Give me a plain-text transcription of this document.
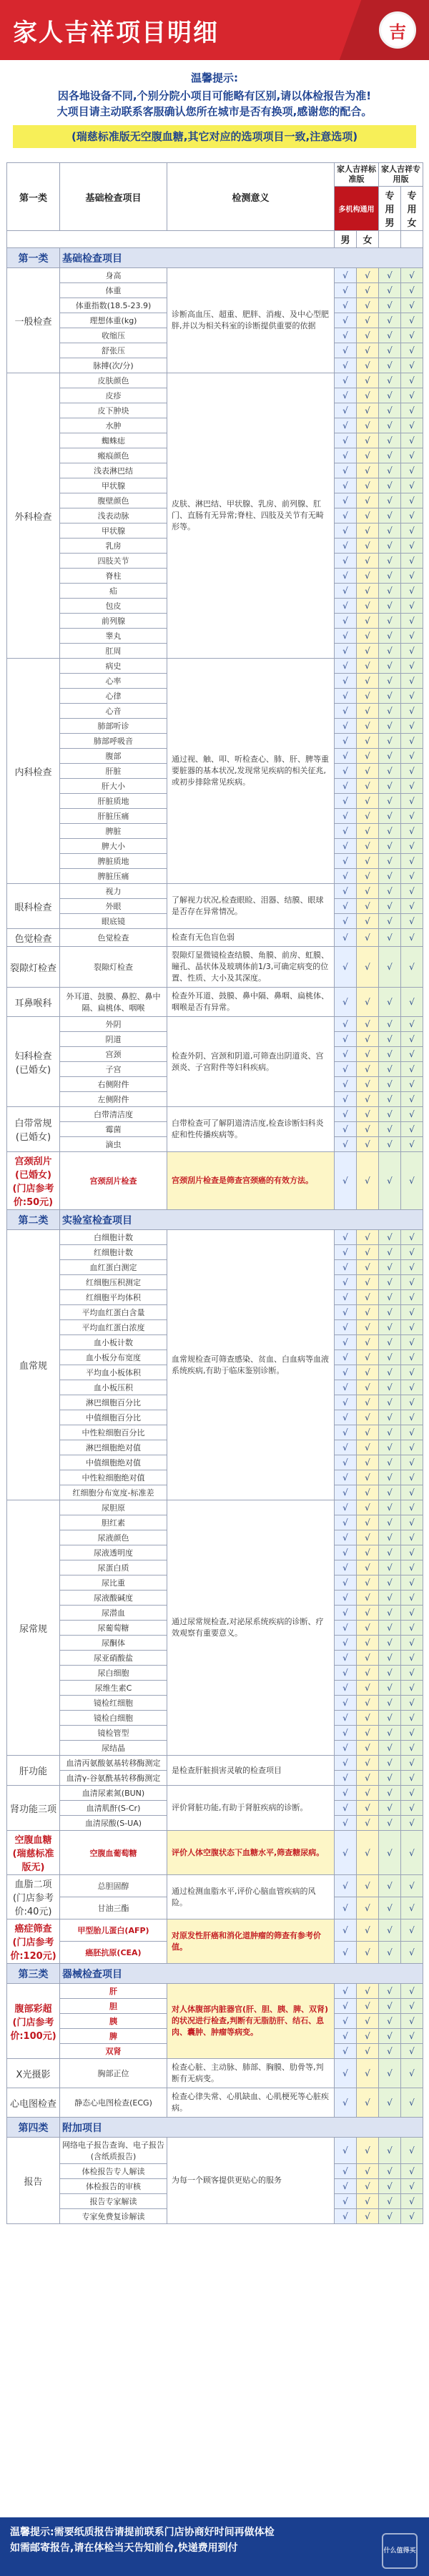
家人吉祥项目明细	吉
温馨提示:
因各地设备不同,个别分院小项目可能略有区别,请以体检报告为准!
大项目请主动联系客服确认您所在城市是否有换项,感谢您的配合。
(瑞慈标准版无空腹血糖,其它对应的选项项目一致,注意选项)
第一类	基础检查项目	检测意义	家人吉祥标准版		家人吉祥专用版	
			多机构通用		专用男	专用女
			男	女		
第一类	基础检查项目					
一般检查	身高	诊断高血压、超重、肥胖、消瘦、及中心型肥胖,并以为相关科室的诊断提供重要的依据	√	√	√	√
	体重		√	√	√	√
	体重指数(18.5-23.9)		√	√	√	√
	理想体重(kg)		√	√	√	√
	收缩压		√	√	√	√
	舒张压		√	√	√	√
	脉搏(次/分)		√	√	√	√
外科检查	皮肤颜色	皮肤、淋巴结、甲状腺、乳房、前列腺、肛门、直肠有无异常;脊柱、四肢及关节有无畸形等。	√	√	√	√
	皮疹		√	√	√	√
	皮下肿块		√	√	√	√
	水肿		√	√	√	√
	蜘蛛痣		√	√	√	√
	瘢痕颜色		√	√	√	√
	浅表淋巴结		√	√	√	√
	甲状腺		√	√	√	√
	腹壁颜色		√	√	√	√
	浅表动脉		√	√	√	√
	甲状腺		√	√	√	√
	乳房		√	√	√	√
	四肢关节		√	√	√	√
	脊柱		√	√	√	√
	疝		√	√	√	√
	包皮		√	√	√	√
	前列腺		√	√	√	√
	睾丸		√	√	√	√
	肛周		√	√	√	√
内科检查	病史	通过视、触、叩、听检查心、肺、肝、脾等重要脏器的基本状况,发现常见疾病的相关征兆,或初步排除常见疾病。	√	√	√	√
	心率		√	√	√	√
	心律		√	√	√	√
	心音		√	√	√	√
	肺部听诊		√	√	√	√
	肺部呼吸音		√	√	√	√
	腹部		√	√	√	√
	肝脏		√	√	√	√
	肝大小		√	√	√	√
	肝脏质地		√	√	√	√
	肝脏压痛		√	√	√	√
	脾脏		√	√	√	√
	脾大小		√	√	√	√
	脾脏质地		√	√	√	√
	脾脏压痛		√	√	√	√
眼科检查	视力	了解视力状况,检查眼睑、泪器、结膜、眼球是否存在异常情况。	√	√	√	√
	外眼		√	√	√	√
	眼底镜		√	√	√	√
色觉检查	色觉检查	检查有无色盲色弱	√	√	√	√
裂隙灯检查	裂隙灯检查	裂隙灯显微镜检查结膜、角膜、前房、虹膜、瞳孔、晶状体及玻璃体前1/3,可确定病变的位置、性质、大小及其深度。	√	√	√	√
耳鼻喉科	外耳道、鼓膜、鼻腔、鼻中隔、扁桃体、咽喉	检查外耳道、鼓膜、鼻中隔、鼻咽、扁桃体、咽喉是否有异常。	√	√	√	√
妇科检查(已婚女)	外阴	检查外阴、宫颈和阴道,可筛查出阴道炎、宫颈炎、子宫附件等妇科疾病。	√	√	√	√
	阴道		√	√	√	√
	宫颈		√	√	√	√
	子宫		√	√	√	√
	右侧附件		√	√	√	√
	左侧附件		√	√	√	√
白带常规(已婚女)	白带清洁度	白带检查可了解阴道清洁度,检查诊断妇科炎症和性传播疾病等。	√	√	√	√
	霉菌		√	√	√	√
	滴虫		√	√	√	√
宫颈刮片(已婚女)(门店参考价:50元)	宫颈刮片检查	宫颈刮片检查是筛查宫颈癌的有效方法。	√	√	√	√
第二类	实验室检查项目					
血常规	白细胞计数	血常规检查可筛查感染、贫血、白血病等血液系统疾病,有助于临床鉴别诊断。	√	√	√	√
	红细胞计数		√	√	√	√
	血红蛋白测定		√	√	√	√
	红细胞压积测定		√	√	√	√
	红细胞平均体积		√	√	√	√
	平均血红蛋白含量		√	√	√	√
	平均血红蛋白浓度		√	√	√	√
	血小板计数		√	√	√	√
	血小板分布宽度		√	√	√	√
	平均血小板体积		√	√	√	√
	血小板压积		√	√	√	√
	淋巴细胞百分比		√	√	√	√
	中值细胞百分比		√	√	√	√
	中性粒细胞百分比		√	√	√	√
	淋巴细胞绝对值		√	√	√	√
	中值细胞绝对值		√	√	√	√
	中性粒细胞绝对值		√	√	√	√
	红细胞分布宽度-标准差		√	√	√	√
尿常规	尿胆原	通过尿常规检查,对泌尿系统疾病的诊断、疗效观察有重要意义。	√	√	√	√
	胆红素		√	√	√	√
	尿液颜色		√	√	√	√
	尿液透明度		√	√	√	√
	尿蛋白质		√	√	√	√
	尿比重		√	√	√	√
	尿液酸碱度		√	√	√	√
	尿潜血		√	√	√	√
	尿葡萄糖		√	√	√	√
	尿酮体		√	√	√	√
	尿亚硝酸盐		√	√	√	√
	尿白细胞		√	√	√	√
	尿维生素C		√	√	√	√
	镜检红细胞		√	√	√	√
	镜检白细胞		√	√	√	√
	镜检管型		√	√	√	√
	尿结晶		√	√	√	√
肝功能	血清丙氨酸氨基转移酶测定	是检查肝脏损害灵敏的检查项目	√	√	√	√
	血清γ-谷氨酰基转移酶测定		√	√	√	√
肾功能三项	血清尿素氮(BUN)	评价肾脏功能,有助于肾脏疾病的诊断。	√	√	√	√
	血清肌酐(S-Cr)		√	√	√	√
	血清尿酸(S-UA)		√	√	√	√
空腹血糖(瑞慈标准版无)	空腹血葡萄糖	评价人体空腹状态下血糖水平,筛查糖尿病。	√	√	√	√
血脂二项(门店参考价:40元)	总胆固醇	通过检测血脂水平,评价心脑血管疾病的风险。	√	√	√	√
	甘油三酯		√	√	√	√
癌症筛查(门店参考价:120元)	甲型胎儿蛋白(AFP)	对原发性肝癌和消化道肿瘤的筛查有参考价值。	√	√	√	√
	癌胚抗原(CEA)		√	√	√	√
第三类	器械检查项目					
腹部彩超(门店参考价:100元)	肝	对人体腹部内脏器官(肝、胆、胰、脾、双肾)的状况进行检查,判断有无脂肪肝、结石、息肉、囊肿、肿瘤等病变。	√	√	√	√
	胆		√	√	√	√
	胰		√	√	√	√
	脾		√	√	√	√
	双肾		√	√	√	√
X光摄影	胸部正位	检查心脏、主动脉、肺部、胸膜、肋骨等,判断有无病变。	√	√	√	√
心电图检查	静态心电图检查(ECG)	检查心律失常、心肌缺血、心肌梗死等心脏疾病。	√	√	√	√
第四类	附加项目					
报告	网络电子报告查询、电子报告(含纸质报告)	为每一个顾客提供更贴心的服务	√	√	√	√
	体检报告专人解读		√	√	√	√
	体检报告的审核		√	√	√	√
	报告专家解读		√	√	√	√
	专家免费复诊解读		√	√	√	√
温馨提示:需要纸质报告请提前联系门店协商好时间再做体检
如需邮寄报告,请在体检当天告知前台,快递费用到付	什么值得买
